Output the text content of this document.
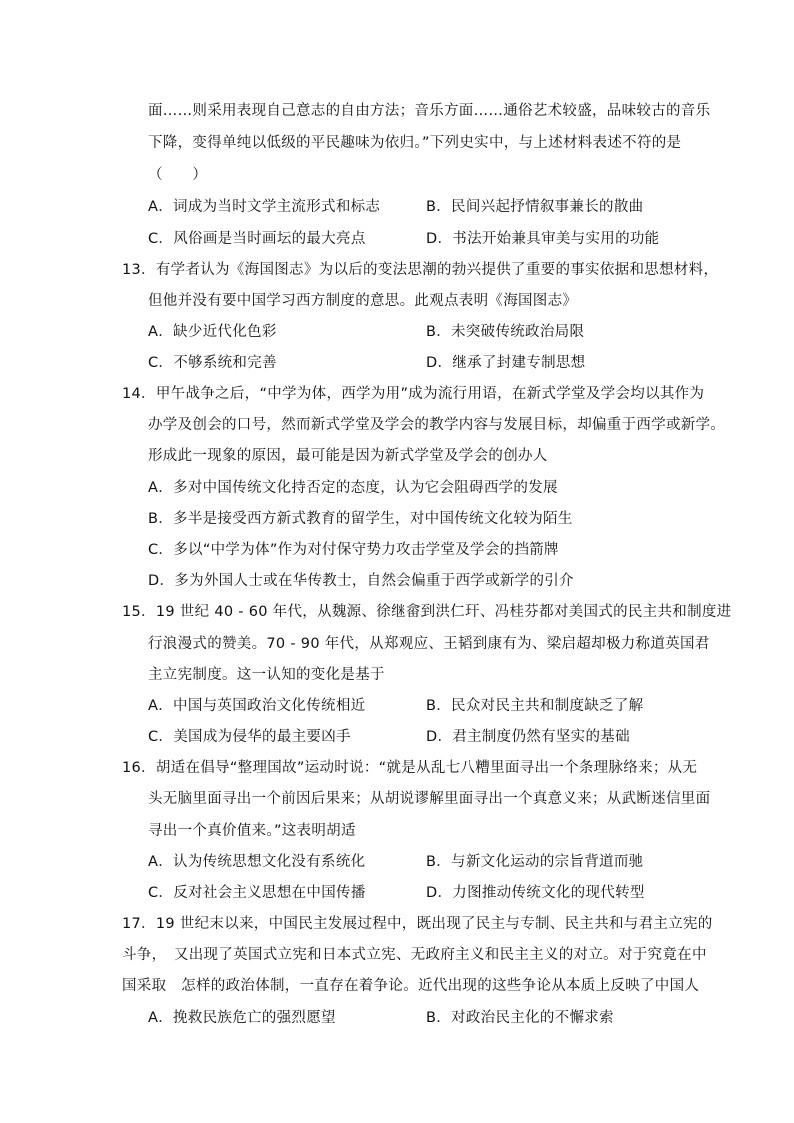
面……则采用表现自己意志的自由方法；音乐方面……通俗艺术较盛，品味较古的音乐
下降，变得单纯以低级的平民趣味为依归。”下列史实中，与上述材料表述不符的是
（　　）
A．词成为当时文学主流形式和标志	B．民间兴起抒情叙事兼长的散曲
C．风俗画是当时画坛的最大亮点	D．书法开始兼具审美与实用的功能
13．有学者认为《海国图志》为以后的变法思潮的勃兴提供了重要的事实依据和思想材料，
但他并没有要中国学习西方制度的意思。此观点表明《海国图志》
A．缺少近代化色彩	B．未突破传统政治局限
C．不够系统和完善	D．继承了封建专制思想
14．甲午战争之后，“中学为体，西学为用”成为流行用语，在新式学堂及学会均以其作为
办学及创会的口号，然而新式学堂及学会的教学内容与发展目标，却偏重于西学或新学。
形成此一现象的原因，最可能是因为新式学堂及学会的创办人
A．多对中国传统文化持否定的态度，认为它会阻碍西学的发展
B．多半是接受西方新式教育的留学生，对中国传统文化较为陌生
C．多以“中学为体”作为对付保守势力攻击学堂及学会的挡箭牌
D．多为外国人士或在华传教士，自然会偏重于西学或新学的引介
15．19 世纪 40 - 60 年代，从魏源、徐继畲到洪仁玕、冯桂芬都对美国式的民主共和制度进
行浪漫式的赞美。70 - 90 年代，从郑观应、王韬到康有为、梁启超却极力称道英国君
主立宪制度。这一认知的变化是基于
A．中国与英国政治文化传统相近	B．民众对民主共和制度缺乏了解
C．美国成为侵华的最主要凶手	D．君主制度仍然有坚实的基础
16．胡适在倡导“整理国故”运动时说：“就是从乱七八糟里面寻出一个条理脉络来；从无
头无脑里面寻出一个前因后果来；从胡说谬解里面寻出一个真意义来；从武断迷信里面
寻出一个真价值来。”这表明胡适
A．认为传统思想文化没有系统化	B．与新文化运动的宗旨背道而驰
C．反对社会主义思想在中国传播	D．力图推动传统文化的现代转型
17．19 世纪末以来，中国民主发展过程中，既出现了民主与专制、民主共和与君主立宪的
斗争，　又出现了英国式立宪和日本式立宪、无政府主义和民主主义的对立。对于究竟在中
国采取　怎样的政治体制，一直存在着争论。近代出现的这些争论从本质上反映了中国人
A．挽救民族危亡的强烈愿望	B．对政治民主化的不懈求索
